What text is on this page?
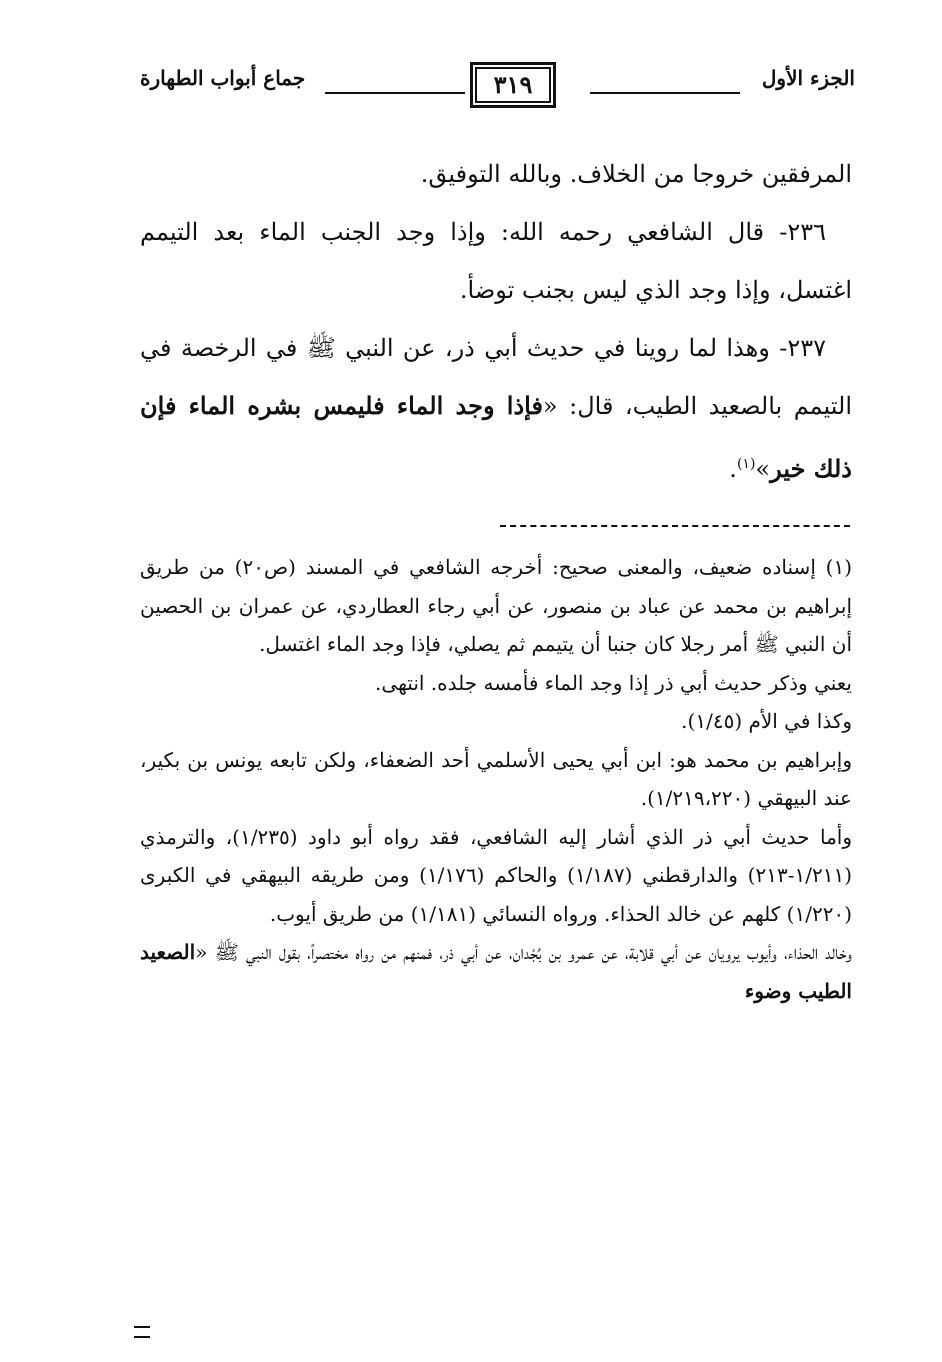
الجزء الأول
٣١٩
جماع أبواب الطهارة

المرفقين خروجا من الخلاف. وبالله التوفيق.

٢٣٦- قال الشافعي رحمه الله: وإذا وجد الجنب الماء بعد التيمم اغتسل، وإذا وجد الذي ليس بجنب توضأ.

٢٣٧- وهذا لما روينا في حديث أبي ذر، عن النبي ﷺ في الرخصة في التيمم بالصعيد الطيب، قال: «فإذا وجد الماء فليمس بشره الماء فإن ذلك خير»$^{(١)}$.

(١) إسناده ضعيف، والمعنى صحيح: أخرجه الشافعي في المسند (ص٢٠) من طريق إبراهيم بن محمد عن عباد بن منصور، عن أبي رجاء العطاردي، عن عمران بن الحصين أن النبي ﷺ أمر رجلا كان جنبا أن يتيمم ثم يصلي، فإذا وجد الماء اغتسل.

يعني وذكر حديث أبي ذر إذا وجد الماء فأمسه جلده. انتهى.

وكذا في الأم (١/٤٥).

وإبراهيم بن محمد هو: ابن أبي يحيى الأسلمي أحد الضعفاء، ولكن تابعه يونس بن بكير، عند البيهقي (١/٢١٩،٢٢٠).

وأما حديث أبي ذر الذي أشار إليه الشافعي، فقد رواه أبو داود (١/٢٣٥)، والترمذي (١/٢١١-٢١٣) والدارقطني (١/١٨٧) والحاكم (١/١٧٦) ومن طريقه البيهقي في الكبرى (١/٢٢٠) كلهم عن خالد الحذاء. ورواه النسائي (١/١٨١) من طريق أيوب.

وخالد الحذاء، وأيوب يرويان عن أبي قلابة، عن عمرو بن بُجْدان، عن أبي ذر، فمنهم من رواه مختصراً، بقول النبي ﷺ «الصعيد الطيب وضوء
